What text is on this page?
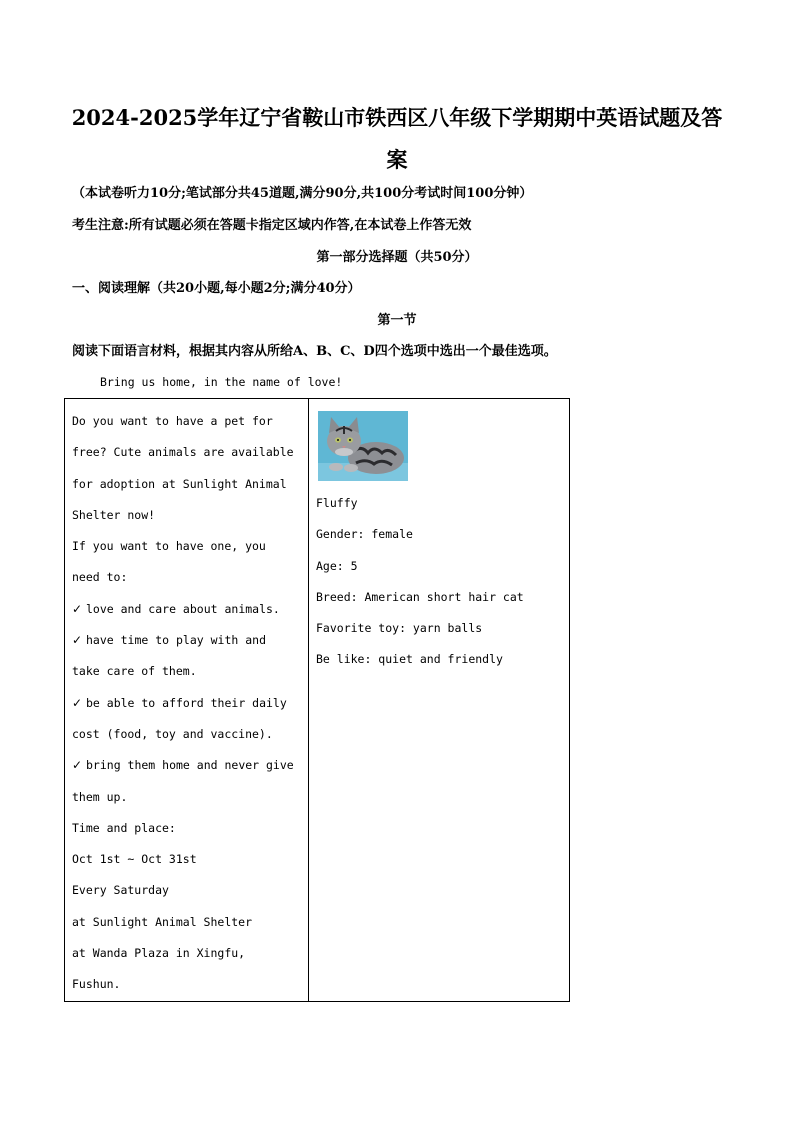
2024-2025学年辽宁省鞍山市铁西区八年级下学期期中英语试题及答
案

（本试卷听力10分;笔试部分共45道题,满分90分,共100分考试时间100分钟）

考生注意:所有试题必须在答题卡指定区域内作答,在本试卷上作答无效

第一部分选择题（共50分）

一、阅读理解（共20小题,每小题2分;满分40分）

第一节

阅读下面语言材料，根据其内容从所给A、B、C、D四个选项中选出一个最佳选项。

Bring us home, in the name of love!

Do you want to have a pet for
free? Cute animals are available
for adoption at Sunlight Animal
Shelter now!
If you want to have one, you
need to:
✓ love and care about animals.
✓ have time to play with and
take care of them.
✓ be able to afford their daily
cost (food, toy and vaccine).
✓ bring them home and never give
them up.
Time and place:
Oct 1st ~ Oct 31st
Every Saturday
at Sunlight Animal Shelter
at Wanda Plaza in Xingfu,
Fushun.
Fluffy
Gender: female
Age: 5
Breed: American short hair cat
Favorite toy: yarn balls
Be like: quiet and friendly
